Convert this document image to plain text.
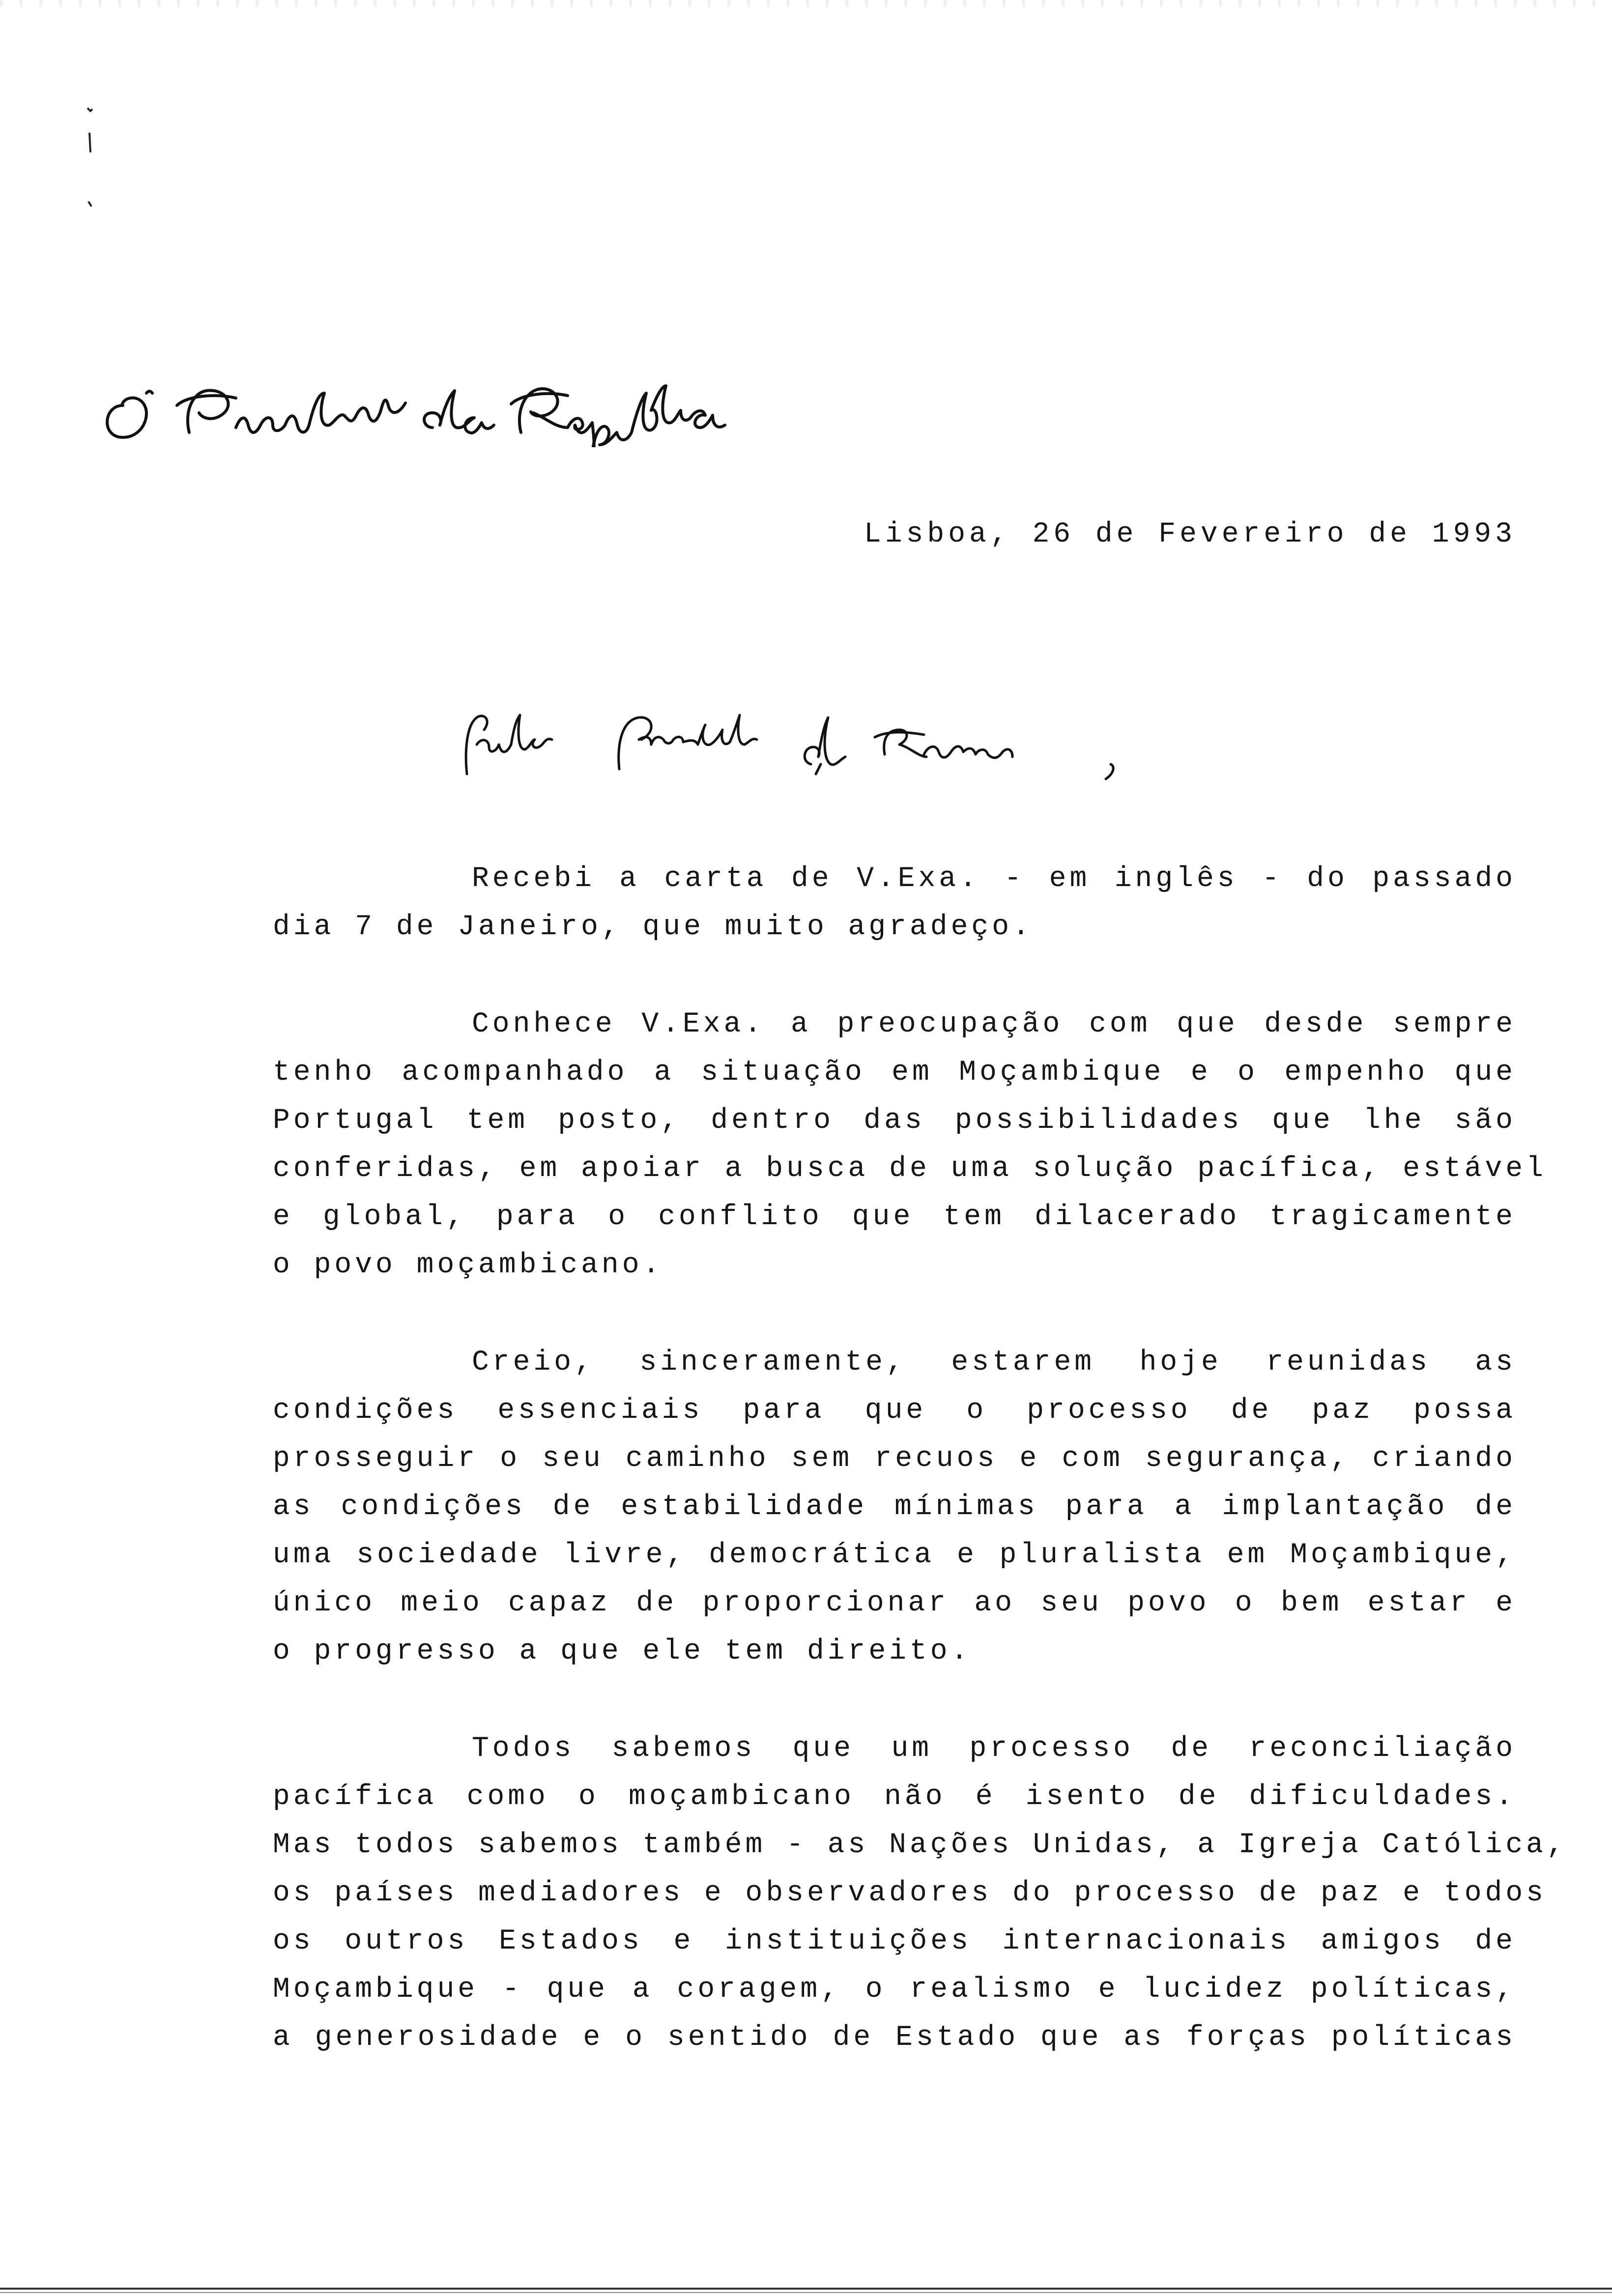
Lisboa, 26 de Fevereiro de 1993
Recebi a carta de V.Exa. - em inglês - do passado
dia 7 de Janeiro, que muito agradeço.
Conhece V.Exa. a preocupação com que desde sempre
tenho acompanhado a situação em Moçambique e o empenho que
Portugal tem posto, dentro das possibilidades que lhe são
conferidas, em apoiar a busca de uma solução pacífica, estável
e global, para o conflito que tem dilacerado tragicamente
o povo moçambicano.
Creio, sinceramente, estarem hoje reunidas as
condições essenciais para que o processo de paz possa
prosseguir o seu caminho sem recuos e com segurança, criando
as condições de estabilidade mínimas para a implantação de
uma sociedade livre, democrática e pluralista em Moçambique,
único meio capaz de proporcionar ao seu povo o bem estar e
o progresso a que ele tem direito.
Todos sabemos que um processo de reconciliação
pacífica como o moçambicano não é isento de dificuldades.
Mas todos sabemos também - as Nações Unidas, a Igreja Católica,
os países mediadores e observadores do processo de paz e todos
os outros Estados e instituições internacionais amigos de
Moçambique - que a coragem, o realismo e lucidez políticas,
a generosidade e o sentido de Estado que as forças políticas
